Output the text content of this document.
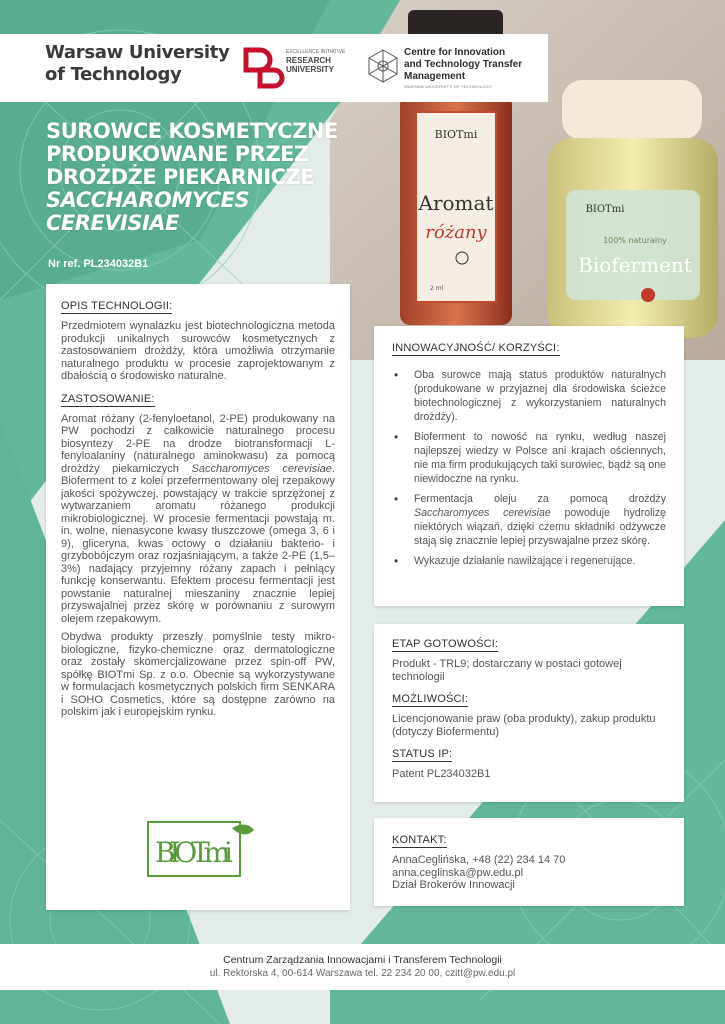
BIOTmi
Aromat
różany
2 ml
BIOTmi
100% naturalny
Bioferment
Warsaw University
of Technology
EXCELLENCE INITIATIVE
RESEARCH
UNIVERSITY
Centre for Innovation
and Technology Transfer
Management
WARSAW UNIVERSITY OF TECHNOLOGY
SUROWCE KOSMETYCZNE
PRODUKOWANE PRZEZ
DROŻDŻE PIEKARNICZE
SACCHAROMYCES
CEREVISIAE
Nr ref. PL234032B1
OPIS TECHNOLOGII:
Przedmiotem wynalazku jest biotechnologiczna metoda produkcji unikalnych surowców kosmetycznych z zastosowaniem drożdży, która umożliwia otrzymanie naturalnego produktu w procesie zaprojektowanym z dbałością o środowisko naturalne.
ZASTOSOWANIE:
Aromat różany (2-fenyloetanol, 2-PE) produkowany na PW pochodzi z całkowicie naturalnego procesu biosyntezy 2-PE na drodze biotransformacji L-fenyloalaniny (naturalnego aminokwasu) za pomocą drożdży piekarniczych Saccharomyces cerevisiae. Bioferment to z kolei przefermentowany olej rzepakowy jakości spożywczej, powstający w trakcie sprzężonej z wytwarzaniem aromatu różanego produkcji mikrobiologicznej. W procesie fermentacji powstają m. in. wolne, nienasycone kwasy tłuszczowe (omega 3, 6 i 9), gliceryna, kwas octowy o działaniu bakterio- i grzybobójczym oraz rozjaśniającym, a także 2-PE (1,5–3%) nadający przyjemny różany zapach i pełniący funkcję konserwantu. Efektem procesu fermentacji jest powstanie naturalnej mieszaniny znacznie lepiej przyswajalnej przez skórę w porównaniu z surowym olejem rzepakowym.
Obydwa produkty przeszły pomyślnie testy mikro-biologiczne, fizyko-chemiczne oraz dermatologiczne oraz zostały skomercjalizowane przez spin-off PW, spółkę BIOTmi Sp. z o.o. Obecnie są wykorzystywane w formulacjach kosmetycznych polskich firm SENKARA i SOHO Cosmetics, które są dostępne zarówno na polskim jak i europejskim rynku.
BIOTmi
INNOWACYJNOŚĆ/ KORZYŚCI:
• Oba surowce mają status produktów naturalnych (produkowane w przyjaznej dla środowiska ścieżce biotechnologicznej z wykorzystaniem naturalnych drożdży).
• Bioferment to nowość na rynku, według naszej najlepszej wiedzy w Polsce ani krajach ościennych, nie ma firm produkujących taki surowiec, bądź są one niewidoczne na rynku.
• Fermentacja oleju za pomocą drożdży Saccharomyces cerevisiae powoduje hydrolizę niektórych wiązań, dzięki czemu składniki odżywcze stają się znacznie lepiej przyswajalne przez skórę.
• Wykazuje działanie nawilżające i regenerujące.
ETAP GOTOWOŚCI:
Produkt - TRL9; dostarczany w postaci gotowej technologii
MOŻLIWOŚCI:
Licencjonowanie praw (oba produkty), zakup produktu (dotyczy Biofermentu)
STATUS IP:
Patent PL234032B1
KONTAKT:
AnnaCeglińska, +48 (22) 234 14 70
anna.ceglinska@pw.edu.pl
Dział Brokerów Innowacji
Centrum Zarządzania Innowacjami i Transferem Technologii
ul. Rektorska 4, 00-614 Warszawa tel. 22 234 20 00, czitt@pw.edu.pl
